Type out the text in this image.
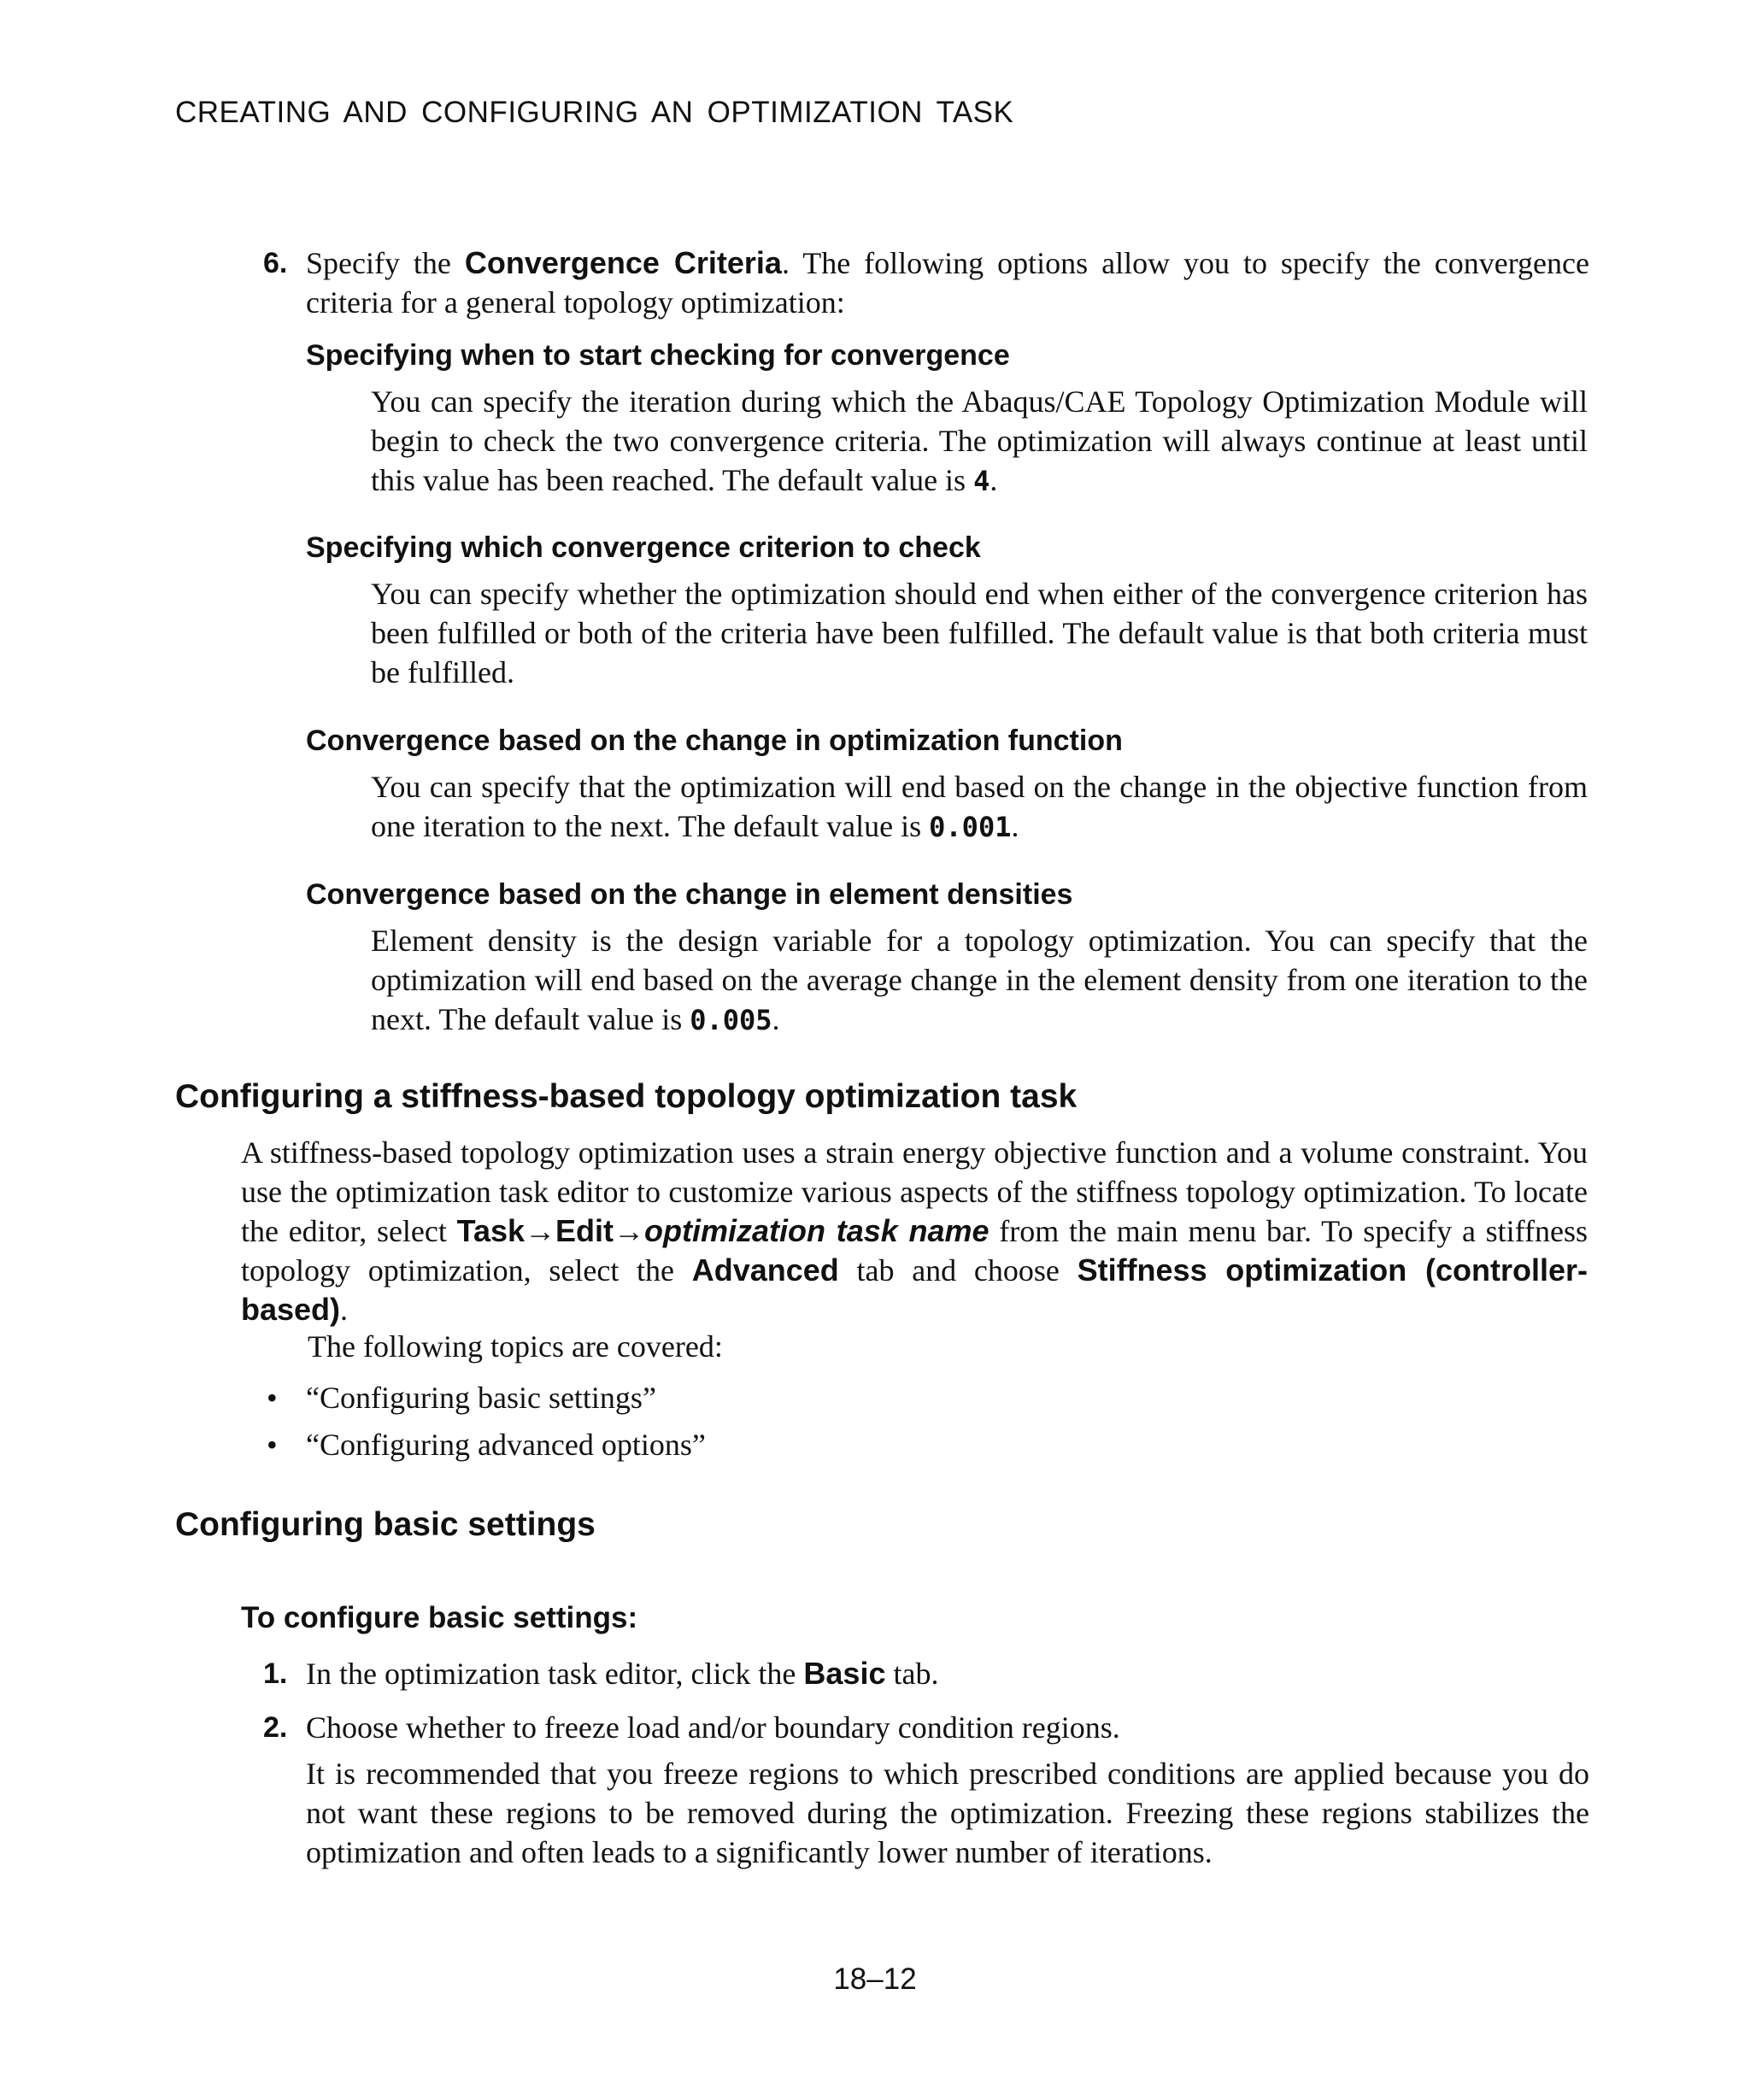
CREATING AND CONFIGURING AN OPTIMIZATION TASK
6. Specify the Convergence Criteria. The following options allow you to specify the convergence criteria for a general topology optimization:
Specifying when to start checking for convergence
You can specify the iteration during which the Abaqus/CAE Topology Optimization Module will begin to check the two convergence criteria. The optimization will always continue at least until this value has been reached. The default value is 4.
Specifying which convergence criterion to check
You can specify whether the optimization should end when either of the convergence criterion has been fulfilled or both of the criteria have been fulfilled. The default value is that both criteria must be fulfilled.
Convergence based on the change in optimization function
You can specify that the optimization will end based on the change in the objective function from one iteration to the next. The default value is 0.001.
Convergence based on the change in element densities
Element density is the design variable for a topology optimization. You can specify that the optimization will end based on the average change in the element density from one iteration to the next. The default value is 0.005.
Configuring a stiffness-based topology optimization task
A stiffness-based topology optimization uses a strain energy objective function and a volume constraint. You use the optimization task editor to customize various aspects of the stiffness topology optimization. To locate the editor, select Task→Edit→optimization task name from the main menu bar. To specify a stiffness topology optimization, select the Advanced tab and choose Stiffness optimization (controller-based).
The following topics are covered:
• “Configuring basic settings”
• “Configuring advanced options”
Configuring basic settings
To configure basic settings:
1. In the optimization task editor, click the Basic tab.
2. Choose whether to freeze load and/or boundary condition regions.
It is recommended that you freeze regions to which prescribed conditions are applied because you do not want these regions to be removed during the optimization. Freezing these regions stabilizes the optimization and often leads to a significantly lower number of iterations.
18–12
